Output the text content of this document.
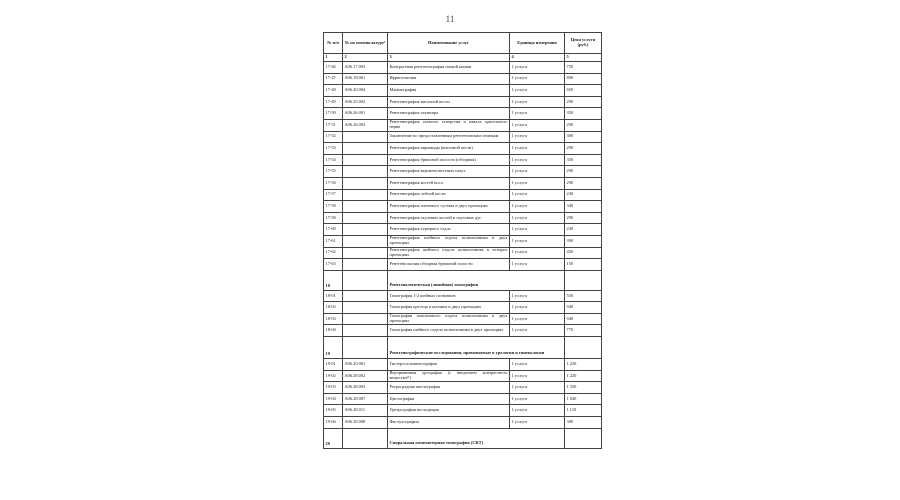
11
№ п/п	№ по номенклатуре¹	Наименование услуг	Единица измерения	Цена услуги (руб.)
1	2	3	4	5
17-46	A06.17.003	Контрастная рентгенография тонкой кишки	1 услуга	750
17-47	A06.18.001	Ирригоскопия	1 услуга	800
17-48	A06.20.004	Маммография	1 услуга	650
17-49	A06.25.002	Рентгенография височной кости	1 услуга	290
17-50	A06.26.001	Рентгенография глазницы	1 услуга	350
17-51	A06.26.002	Рентгенография глазного отверстия и канала зрительного нерва	1 услуга	290
17-52		Заключение по предоставленным рентгеновским снимкам	1 услуга	300
17-53		Рентгенография пирамиды (височной кости)	1 услуга	290
17-54		Рентгенография брюшной полости (обзорная)	1 услуга	350
17-55		Рентгенография верхнечелюстных пазух	1 услуга	290
17-56		Рентгенография костей носа	1 услуга	290
17-57		Рентгенография лобной кости	1 услуга	240
17-58		Рентгенография плечевого сустава в двух проекциях	1 услуга	340
17-59		Рентгенография скуловых костей и скуловых дуг	1 услуга	290
17-60		Рентгенография турецкого седла	1 услуга	240
17-61		Рентгенография шейного отдела позвоночника в двух проекциях	1 услуга	390
17-62		Рентгенография шейного отдела позвоночника в четырех проекциях	1 услуга	450
17-63		Рентгеноскопия обзорная брюшной полости	1 услуга	150
18		Рентгенологическая (линейная) томография		
18-01		Томография 1-2 шейных позвонков	1 услуга	550
18-02		Томография крестца и копчика в двух проекциях	1 услуга	940
18-03		Томография поясничного отдела позвоночника в двух проекциях	1 услуга	940
18-04		Томография шейного отдела позвоночника в двух проекциях	1 услуга	770
19		Рентгенографические исследования, применяемые в урологии и гинекологии		
19-01	A06.20.001	Гистеросальпингография	1 услуга	1 220
19-02	A06.28.002	Внутривенная урография (с введением контрастного вещества¹¹)	1 услуга	1 220
19-03	A06.28.003	Ретроградная пиелография	1 услуга	1 350
19-04	A06.28.007	Цистография	1 услуга	1 040
19-05	A06.28.011	Уретрография восходящая	1 услуга	1 110
19-06	A06.30.008	Фистулография	1 услуга	300
20		Спиральная компьютерная томография (СКТ)		
